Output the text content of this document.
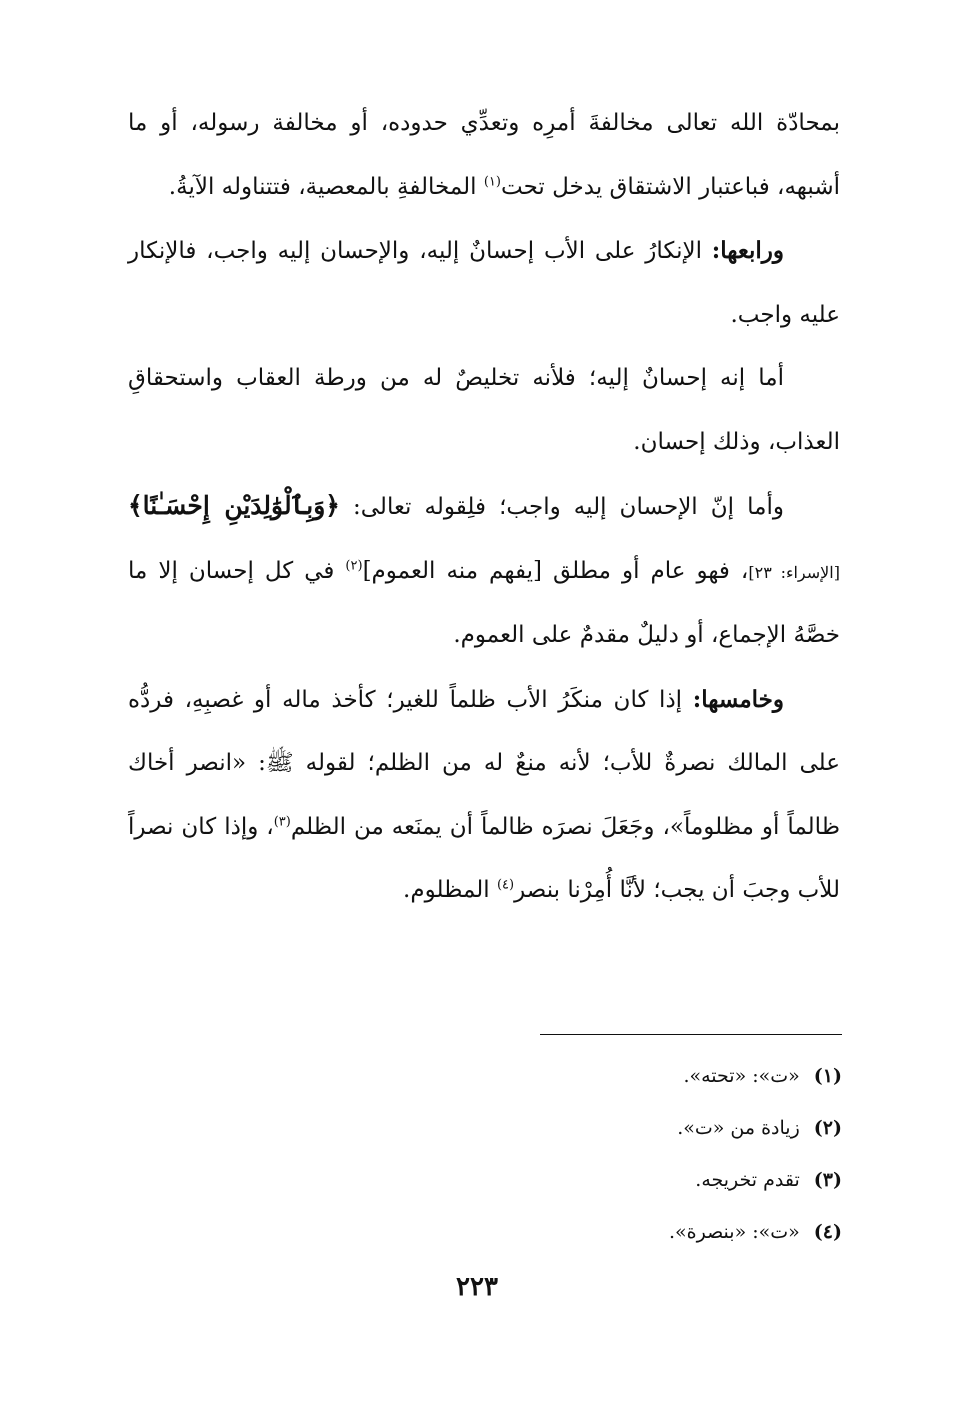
بمحادّة الله تعالى مخالفةَ أمرِه وتعدِّي حدوده، أو مخالفة رسوله، أو ما أشبهه، فباعتبار الاشتقاق يدخل تحت$^{(١)}$ المخالفةِ بالمعصية، فتتناوله الآيةُ.

ورابعها: الإنكارُ على الأب إحسانٌ إليه، والإحسان إليه واجب، فالإنكار عليه واجب.

أما إنه إحسانٌ إليه؛ فلأنه تخليصٌ له من ورطة العقاب واستحقاقِ العذاب، وذلك إحسان.

وأما إنّ الإحسان إليه واجب؛ فلِقوله تعالى: ﴿وَبِٱلْوَٰلِدَيْنِ إِحْسَـٰنًا﴾[الإسراء: ٢٣]، فهو عام أو مطلق [يفهم منه العموم]$^{(٢)}$ في كل إحسان إلا ما خصَّهُ الإجماع، أو دليلٌ مقدمٌ على العموم.

وخامسها: إذا كان منكَرُ الأب ظلماً للغير؛ كأخذ ماله أو غصبِهِ، فردُّه على المالك نصرةٌ للأب؛ لأنه منعٌ له من الظلم؛ لقوله ﷺ: «انصر أخاك ظالماً أو مظلوماً»، وجَعَلَ نصرَه ظالماً أن يمنَعه من الظلم$^{(٣)}$، وإذا كان نصراً للأب وجبَ أن يجب؛ لأنَّا أُمِرْنا بنصر$^{(٤)}$ المظلوم.

(١)«ت»: «تحته».
(٢)زيادة من «ت».
(٣)تقدم تخريجه.
(٤)«ت»: «بنصرة».
٢٢٣
